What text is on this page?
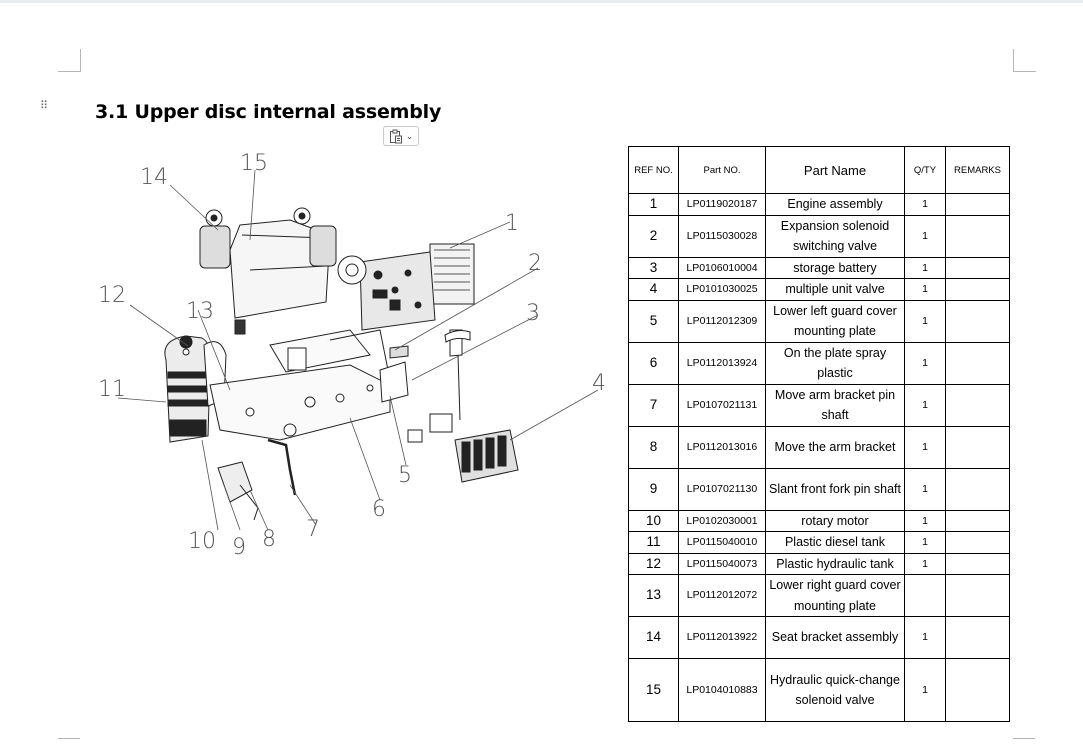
⠿ 3.1 Upper disc internal assembly
⌄
1
2
3
4
5
6
7
8
9
10
11
12
13
14
15	REF NO.	Part NO.	Part Name	Q/TY	REMARKS
1	LP0119020187	Engine assembly	1	
2	LP0115030028	Expansion solenoid switching valve	1	
3	LP0106010004	storage battery	1	
4	LP0101030025	multiple unit valve	1	
5	LP0112012309	Lower left guard cover mounting plate	1	
6	LP0112013924	On the plate spray plastic	1	
7	LP0107021131	Move arm bracket pin shaft	1	
8	LP0112013016	Move the arm bracket	1	
9	LP0107021130	Slant front fork pin shaft	1	
10	LP0102030001	rotary motor	1	
11	LP0115040010	Plastic diesel tank	1	
12	LP0115040073	Plastic hydraulic tank	1	
13	LP0112012072	Lower right guard cover mounting plate		
14	LP0112013922	Seat bracket assembly	1	
15	LP0104010883	Hydraulic quick-change solenoid valve	1	
